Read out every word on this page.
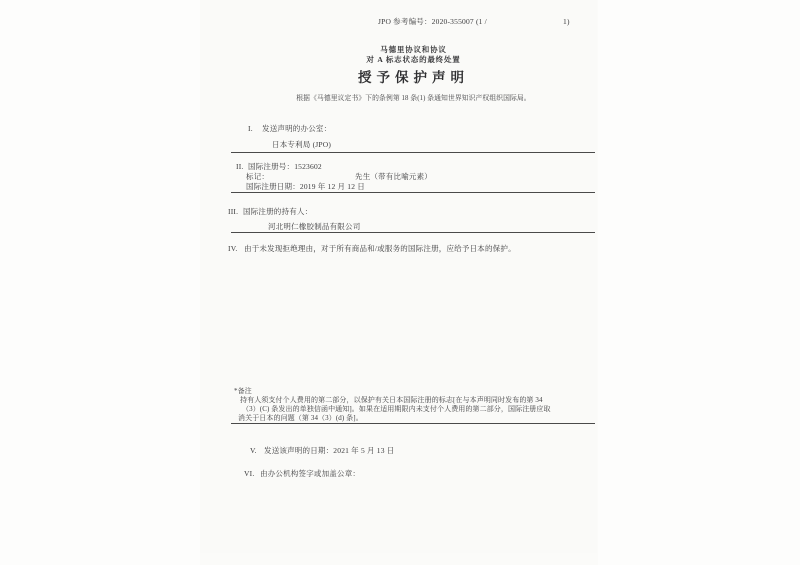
JPO 参考编号：2020-355007 (1 /	1)
马德里协议和协议
对 A 标志状态的最终处置
授予保护声明
根据《马德里议定书》下的条例第 18 条(1) 条通知世界知识产权组织国际局。
I. 发送声明的办公室：
日本专利局 (JPO)
II. 国际注册号：1523602
标记：	先生（带有比喻元素）
国际注册日期：2019 年 12 月 12 日
III. 国际注册的持有人：
河北明仁橡胶制品有限公司
IV. 由于未发现拒绝理由，对于所有商品和/或服务的国际注册，应给予日本的保护。
*备注
持有人须支付个人费用的第二部分，以保护有关日本国际注册的标志[在与本声明同时发布的第 34
（3）(C) 条发出的单独信函中通知]。如果在适用期限内未支付个人费用的第二部分，国际注册应取
消关于日本的问题（第 34（3）(d) 条]。
V. 发送该声明的日期：2021 年 5 月 13 日
VI. 由办公机构签字或加盖公章：
